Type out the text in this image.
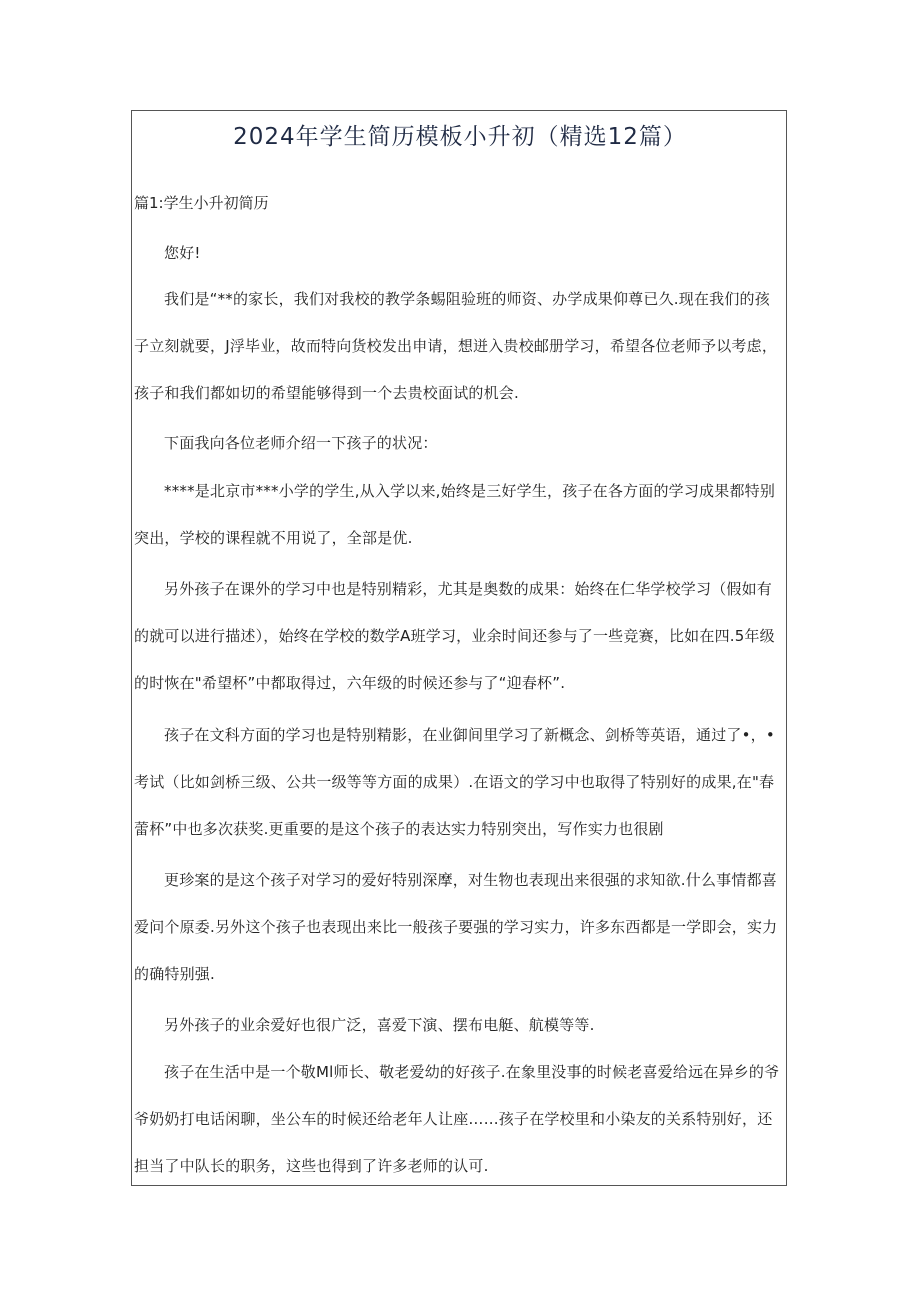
2024年学生简历模板小升初（精选12篇）
篇1:学生小升初简历

您好!

我们是“**的家长，我们对我校的教学条蜴阻验班的师资、办学成果仰尊已久.现在我们的孩子立刻就要，J浮毕业，故而特向货校发出申请，想迸入贵校邮册学习，希望各位老师予以考虑，孩子和我们都如切的希望能够得到一个去贵校面试的机会.

下面我向各位老师介绍一下孩子的状况：

****是北京市***小学的学生,从入学以来,始终是三好学生，孩子在各方面的学习成果都特别突出，学校的课程就不用说了，全部是优.

另外孩子在课外的学习中也是特别精彩，尤其是奥数的成果：始终在仁华学校学习（假如有的就可以进行描述），始终在学校的数学A班学习，业余时间还参与了一些竞赛，比如在四.5年级的时恢在"希望杯”中都取得过，六年级的时候还参与了“迎春杯”.

孩子在文科方面的学习也是特别精影，在业御间里学习了新概念、剑桥等英语，通过了•，•考试（比如剑桥三级、公共一级等等方面的成果）.在语文的学习中也取得了特别好的成果,在"春蕾杯”中也多次获奖.更重要的是这个孩子的表达实力特别突出，写作实力也很剧

更珍案的是这个孩子对学习的爱好特别深摩，对生物也表现出来很强的求知欲.什么事情都喜爱问个原委.另外这个孩子也表现出来比一般孩子要强的学习实力，许多东西都是一学即会，实力的确特别强.

另外孩子的业余爱好也很广泛，喜爱下演、摆布电艇、航模等等.

孩子在生活中是一个敬Ml师长、敬老爱幼的好孩子.在象里没事的时候老喜爱给远在异乡的爷爷奶奶打电话闲聊，坐公车的时候还给老年人让座……孩子在学校里和小染友的关系特别好，还担当了中队长的职务，这些也得到了许多老师的认可.
